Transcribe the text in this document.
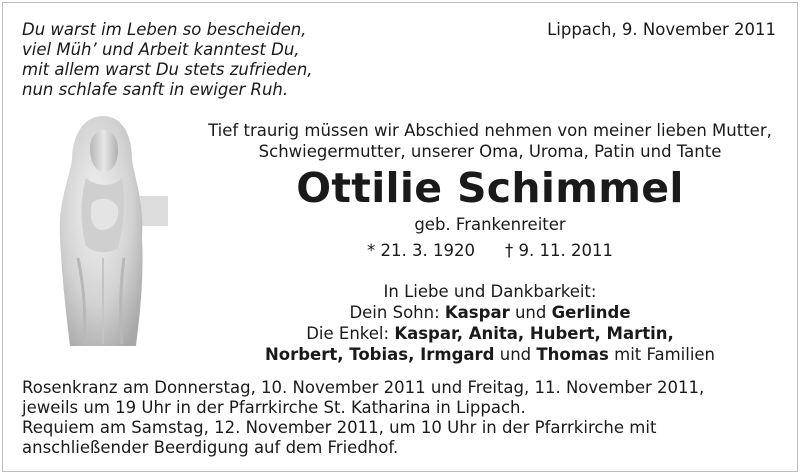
Du warst im Leben so bescheiden,
viel Müh’ und Arbeit kanntest Du,
mit allem warst Du stets zufrieden,
nun schlafe sanft in ewiger Ruh.
Lippach, 9. November 2011
Tief traurig müssen wir Abschied nehmen von meiner lieben Mutter,
Schwiegermutter, unserer Oma, Uroma, Patin und Tante
Ottilie Schimmel
geb. Frankenreiter
* 21. 3. 1920 † 9. 11. 2011
In Liebe und Dankbarkeit:
Dein Sohn: Kaspar und Gerlinde
Die Enkel: Kaspar, Anita, Hubert, Martin,
Norbert, Tobias, Irmgard und Thomas mit Familien
Rosenkranz am Donnerstag, 10. November 2011 und Freitag, 11. November 2011,
jeweils um 19 Uhr in der Pfarrkirche St. Katharina in Lippach.
Requiem am Samstag, 12. November 2011, um 10 Uhr in der Pfarrkirche mit
anschließender Beerdigung auf dem Friedhof.
